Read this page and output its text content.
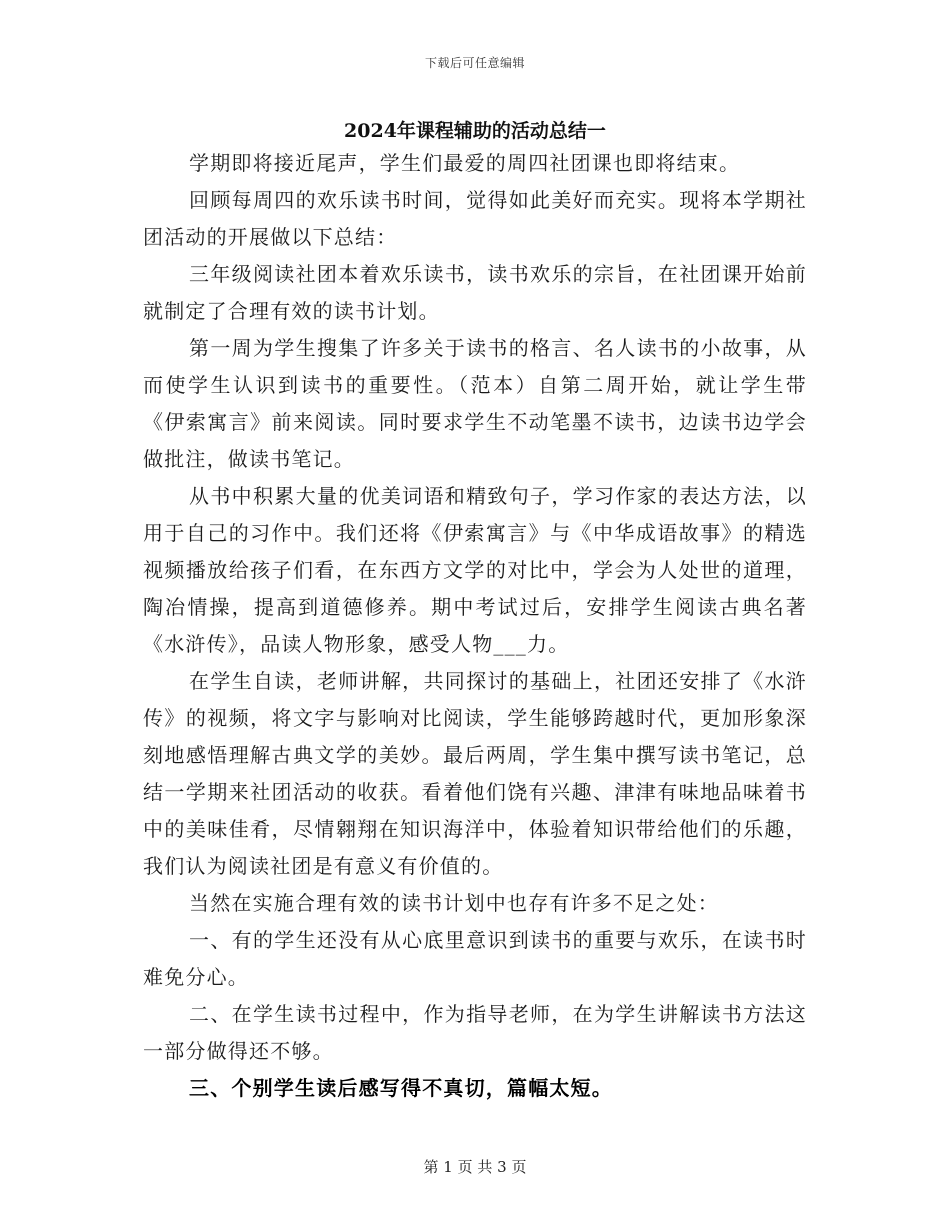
下载后可任意编辑
2024年课程辅助的活动总结一

学期即将接近尾声，学生们最爱的周四社团课也即将结束。

回顾每周四的欢乐读书时间，觉得如此美好而充实。现将本学期社团活动的开展做以下总结：

三年级阅读社团本着欢乐读书，读书欢乐的宗旨，在社团课开始前就制定了合理有效的读书计划。

第一周为学生搜集了许多关于读书的格言、名人读书的小故事，从而使学生认识到读书的重要性。（范本）自第二周开始，就让学生带《伊索寓言》前来阅读。同时要求学生不动笔墨不读书，边读书边学会做批注，做读书笔记。

从书中积累大量的优美词语和精致句子，学习作家的表达方法，以用于自己的习作中。我们还将《伊索寓言》与《中华成语故事》的精选视频播放给孩子们看，在东西方文学的对比中，学会为人处世的道理，陶冶情操，提高到道德修养。期中考试过后，安排学生阅读古典名著《水浒传》，品读人物形象，感受人物___力。

在学生自读，老师讲解，共同探讨的基础上，社团还安排了《水浒传》的视频，将文字与影响对比阅读，学生能够跨越时代，更加形象深刻地感悟理解古典文学的美妙。最后两周，学生集中撰写读书笔记，总结一学期来社团活动的收获。看着他们饶有兴趣、津津有味地品味着书中的美味佳肴，尽情翱翔在知识海洋中，体验着知识带给他们的乐趣，我们认为阅读社团是有意义有价值的。

当然在实施合理有效的读书计划中也存有许多不足之处：

一、有的学生还没有从心底里意识到读书的重要与欢乐，在读书时难免分心。

二、在学生读书过程中，作为指导老师，在为学生讲解读书方法这一部分做得还不够。

三、个别学生读后感写得不真切，篇幅太短。

第 1 页 共 3 页
